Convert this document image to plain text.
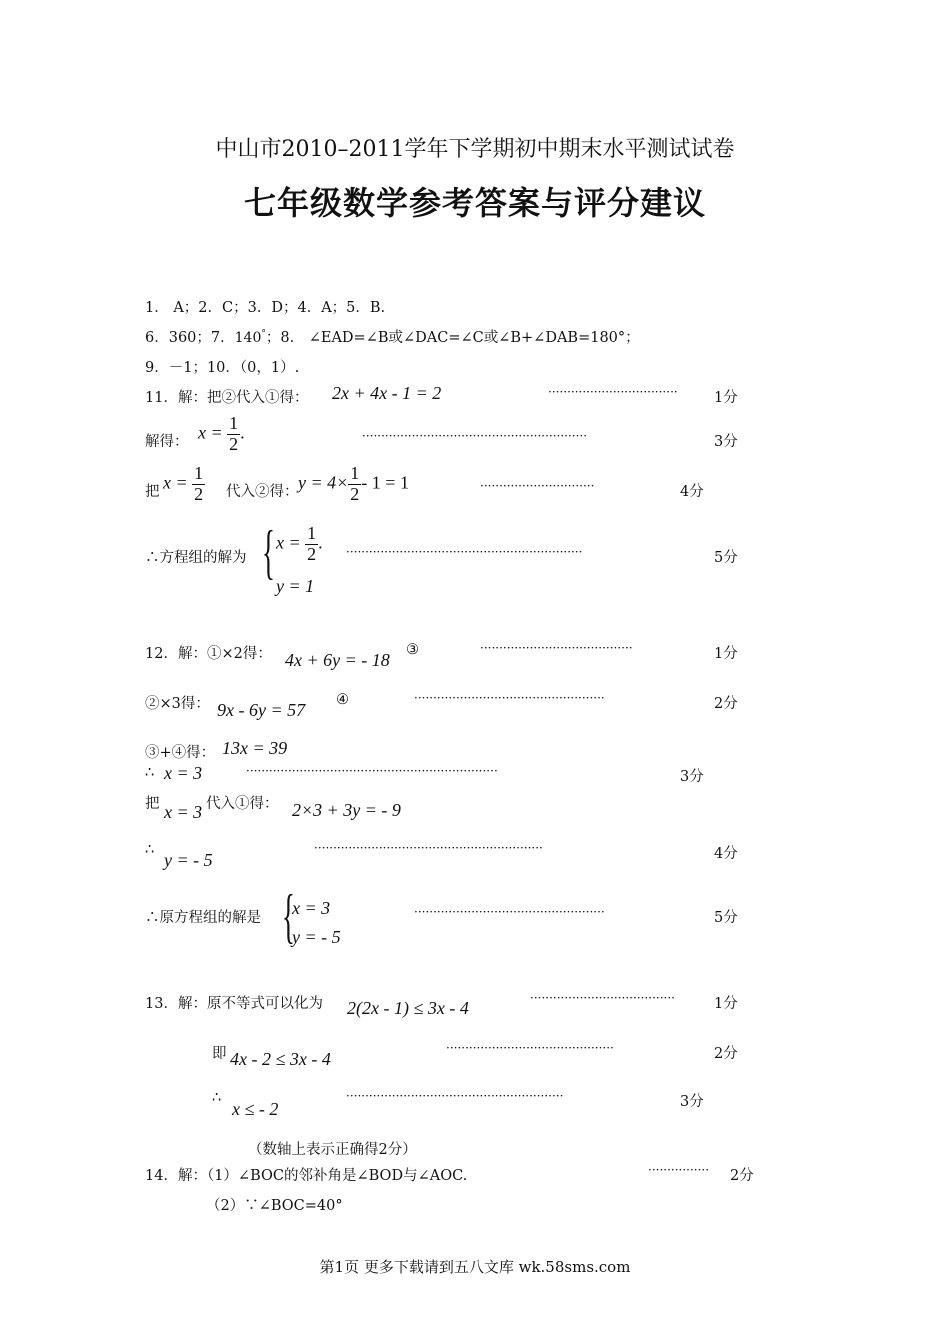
中山市2010–2011学年下学期初中期末水平测试试卷
七年级数学参考答案与评分建议
1． A；2．C；3．D；4．A；5．B.
6．360；7．140°；8． ∠EAD=∠B或∠DAC=∠C或∠B+∠DAB=180°；
9．－1；10．（0，1）.
11．解：把②代入①得： 2x + 4x - 1 = 2	··································	1分
解得： $x = \frac{1}{2}$ .	···························································	3分
把 $x = \frac{1}{2}$ 代入②得： $y = 4\times \frac{1}{2} - 1 = 1$	······························	4分
∴方程组的解为 { $x = \frac{1}{2}$ .
y = 1
······························································	5分
12．解：①×2得： 4x + 6y = - 18 ③	········································	1分
②×3得： 9x - 6y = 57 ④	··················································	2分
③+④得： 13x = 39
∴ x = 3	··································································	3分
把 x = 3 代入①得： 2×3 + 3y = - 9
∴ y = - 5
····························································	4分
∴原方程组的解是 {
x = 3
y = - 5
··················································	5分
13．解：原不等式可以化为 2(2x - 1) ≤ 3x - 4	······································	1分
即 4x - 2 ≤ 3x - 4
············································	2分
∴
x ≤ - 2
·························································	3分
（数轴上表示正确得2分）
14．解：（1）∠BOC的邻补角是∠BOD与∠AOC.	················ 2分
（2）∵∠BOC=40°
第1页 更多下载请到五八文库 wk.58sms.com
